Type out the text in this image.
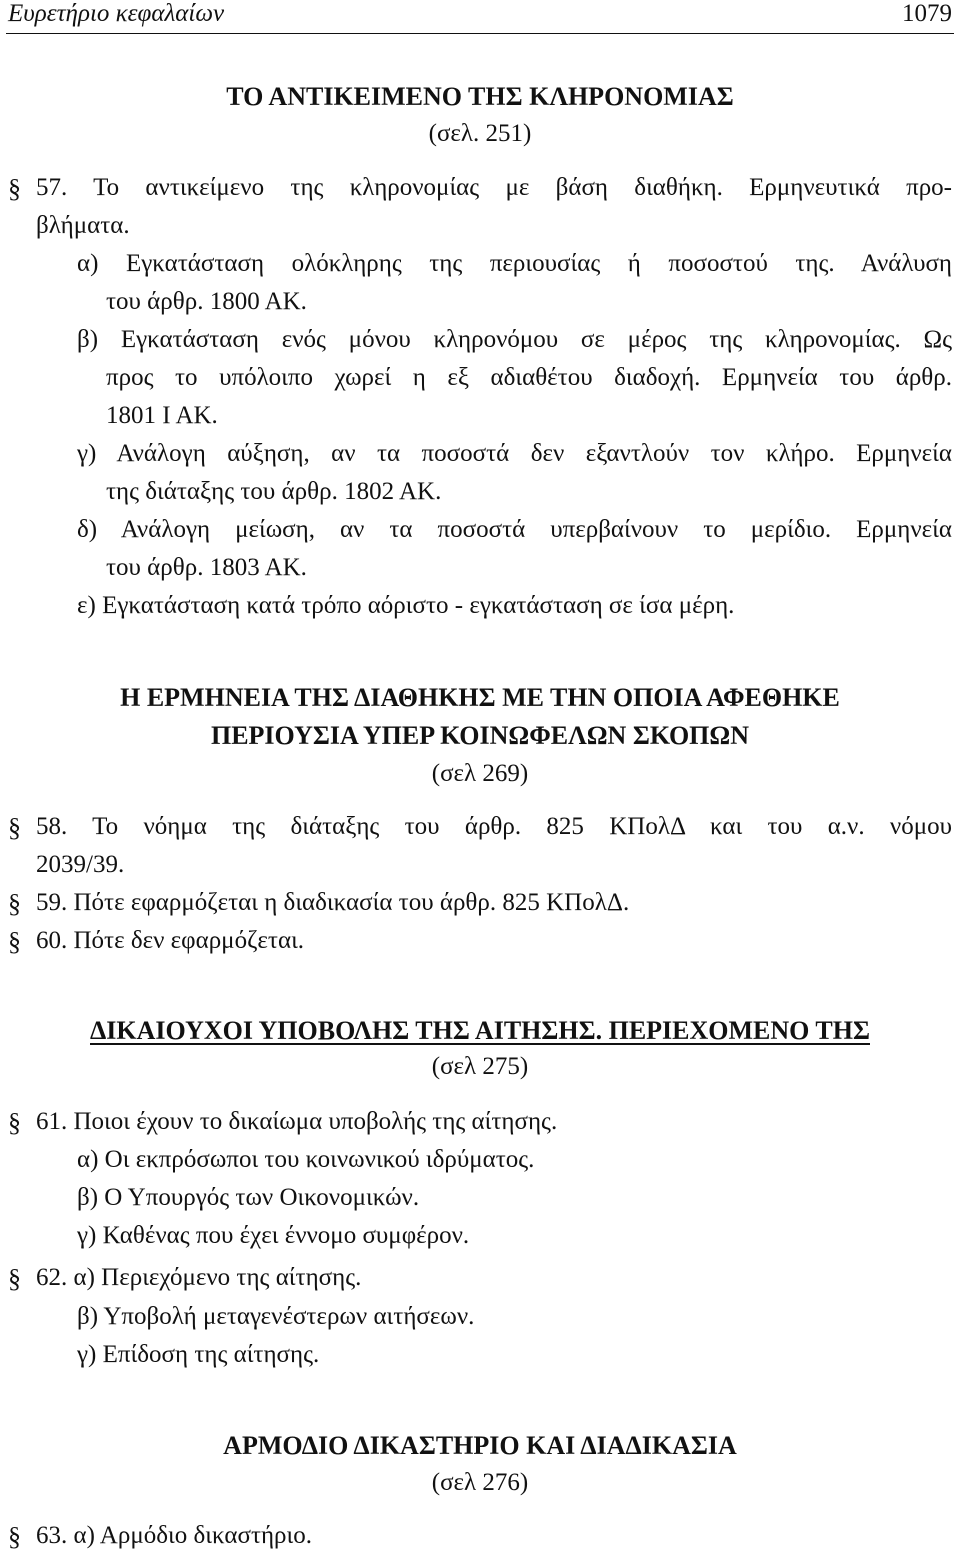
Ευρετήριο κεφαλαίων	1079
ΤΟ ΑΝΤΙΚΕΙΜΕΝΟ ΤΗΣ ΚΛΗΡΟΝΟΜΙΑΣ
(σελ. 251)
§ 57. Το αντικείμενο της κληρονομίας με βάση διαθήκη. Ερμηνευτικά προ-
βλήματα.
α) Εγκατάσταση ολόκληρης της περιουσίας ή ποσοστού της. Ανάλυση
του άρθρ. 1800 ΑΚ.
β) Εγκατάσταση ενός μόνου κληρονόμου σε μέρος της κληρονομίας. Ως
προς το υπόλοιπο χωρεί η εξ αδιαθέτου διαδοχή. Ερμηνεία του άρθρ.
1801 Ι ΑΚ.
γ) Ανάλογη αύξηση, αν τα ποσοστά δεν εξαντλούν τον κλήρο. Ερμηνεία
της διάταξης του άρθρ. 1802 ΑΚ.
δ) Ανάλογη μείωση, αν τα ποσοστά υπερβαίνουν το μερίδιο. Ερμηνεία
του άρθρ. 1803 ΑΚ.
ε) Εγκατάσταση κατά τρόπο αόριστο - εγκατάσταση σε ίσα μέρη.
Η ΕΡΜΗΝΕΙΑ ΤΗΣ ΔΙΑΘΗΚΗΣ ΜΕ ΤΗΝ ΟΠΟΙΑ ΑΦΕΘΗΚΕ
ΠΕΡΙΟΥΣΙΑ ΥΠΕΡ ΚΟΙΝΩΦΕΛΩΝ ΣΚΟΠΩΝ
(σελ 269)
§ 58. Το νόημα της διάταξης του άρθρ. 825 ΚΠολΔ και του α.ν. νόμου
2039/39.
§ 59. Πότε εφαρμόζεται η διαδικασία του άρθρ. 825 ΚΠολΔ.
§ 60. Πότε δεν εφαρμόζεται.
ΔΙΚΑΙΟΥΧΟΙ ΥΠΟΒΟΛΗΣ ΤΗΣ ΑΙΤΗΣΗΣ. ΠΕΡΙΕΧΟΜΕΝΟ ΤΗΣ
(σελ 275)
§ 61. Ποιοι έχουν το δικαίωμα υποβολής της αίτησης.
α) Οι εκπρόσωποι του κοινωνικού ιδρύματος.
β) Ο Υπουργός των Οικονομικών.
γ) Καθένας που έχει έννομο συμφέρον.
§ 62. α) Περιεχόμενο της αίτησης.
β) Υποβολή μεταγενέστερων αιτήσεων.
γ) Επίδοση της αίτησης.
ΑΡΜΟΔΙΟ ΔΙΚΑΣΤΗΡΙΟ ΚΑΙ ΔΙΑΔΙΚΑΣΙΑ
(σελ 276)
§ 63. α) Αρμόδιο δικαστήριο.
